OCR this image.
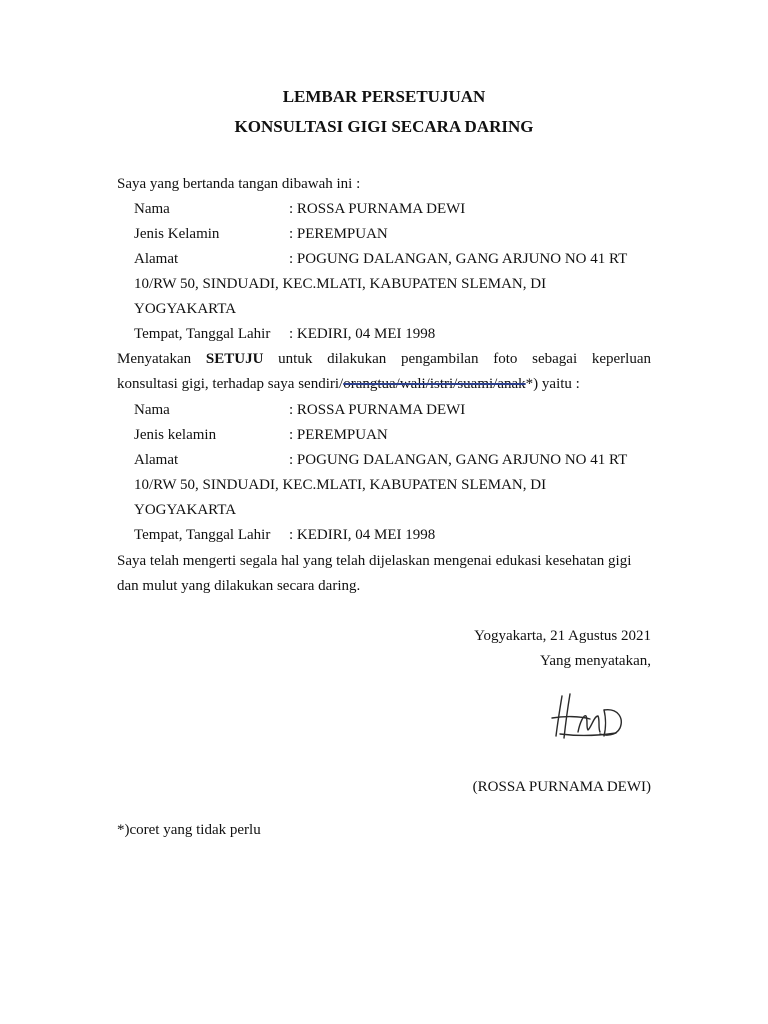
LEMBAR PERSETUJUAN
KONSULTASI GIGI SECARA DARING
Saya yang bertanda tangan dibawah ini :
Nama	: ROSSA PURNAMA DEWI
Jenis Kelamin	: PEREMPUAN
Alamat	: POGUNG DALANGAN, GANG ARJUNO NO 41 RT
10/RW 50, SINDUADI, KEC.MLATI, KABUPATEN SLEMAN, DI
YOGYAKARTA
Tempat, Tanggal Lahir : KEDIRI, 04 MEI 1998
Menyatakan SETUJU untuk dilakukan pengambilan foto sebagai keperluan
konsultasi gigi, terhadap saya sendiri/orangtua/wali/istri/suami/anak*) yaitu :
Nama	: ROSSA PURNAMA DEWI
Jenis kelamin	: PEREMPUAN
Alamat	: POGUNG DALANGAN, GANG ARJUNO NO 41 RT
10/RW 50, SINDUADI, KEC.MLATI, KABUPATEN SLEMAN, DI
YOGYAKARTA
Tempat, Tanggal Lahir : KEDIRI, 04 MEI 1998
Saya telah mengerti segala hal yang telah dijelaskan mengenai edukasi kesehatan gigi
dan mulut yang dilakukan secara daring.
Yogyakarta, 21 Agustus 2021
Yang menyatakan,
(ROSSA PURNAMA DEWI)
*)coret yang tidak perlu
